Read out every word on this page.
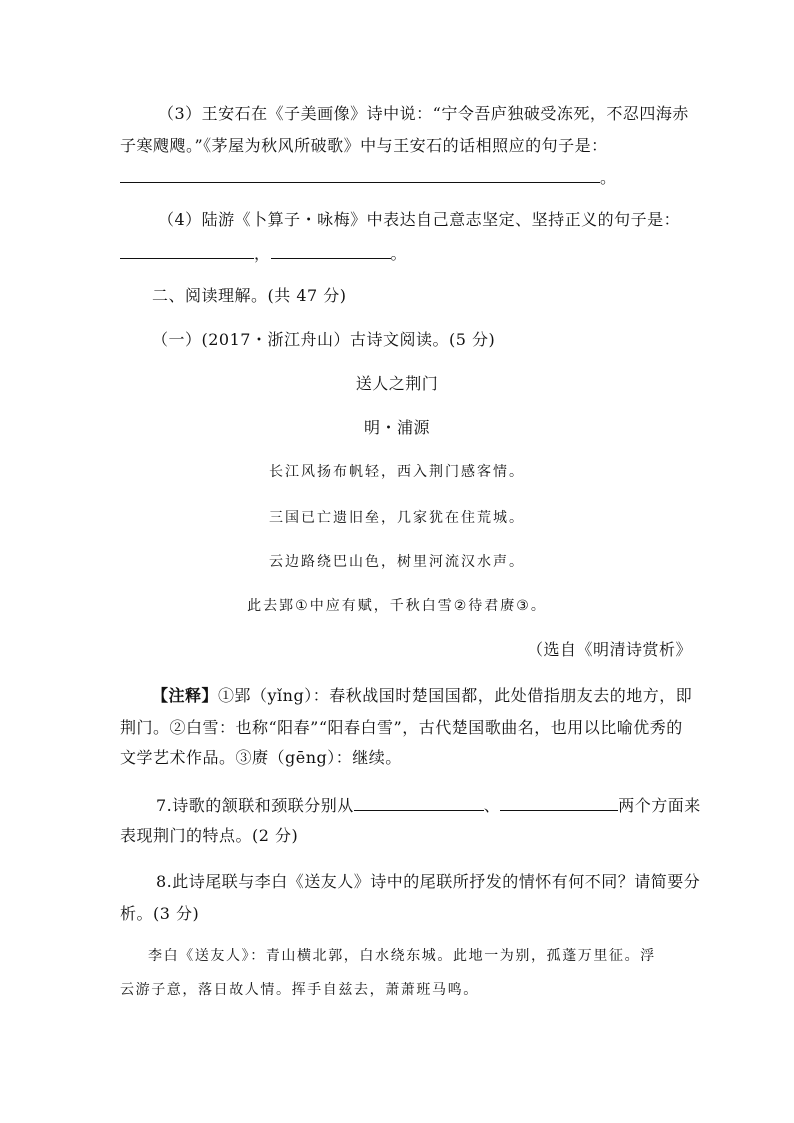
（3）王安石在《子美画像》诗中说：“宁令吾庐独破受冻死，不忍四海赤
子寒飕飕。”《茅屋为秋风所破歌》中与王安石的话相照应的句子是：
。
（4）陆游《卜算子・咏梅》中表达自己意志坚定、坚持正义的句子是：
，	。
二、阅读理解。(共 47 分)
（一）(2017・浙江舟山）古诗文阅读。(5 分)
送人之荆门
明・浦源
长江风扬布帆轻，西入荆门感客情。
三国已亡遗旧垒，几家犹在住荒城。
云边路绕巴山色，树里河流汉水声。
此去郢①中应有赋，千秋白雪②待君赓③。
（选自《明清诗赏析》
【注释】①郢（yǐng）：春秋战国时楚国国都，此处借指朋友去的地方，即
荆门。②白雪：也称“阳春”“阳春白雪”，古代楚国歌曲名，也用以比喻优秀的
文学艺术作品。③赓（gēng）：继续。
7.诗歌的颔联和颈联分别从	、	两个方面来
表现荆门的特点。(2 分)
8.此诗尾联与李白《送友人》诗中的尾联所抒发的情怀有何不同？请简要分
析。(3 分)
李白《送友人》：青山横北郭，白水绕东城。此地一为别，孤蓬万里征。浮
云游子意，落日故人情。挥手自兹去，萧萧班马鸣。
